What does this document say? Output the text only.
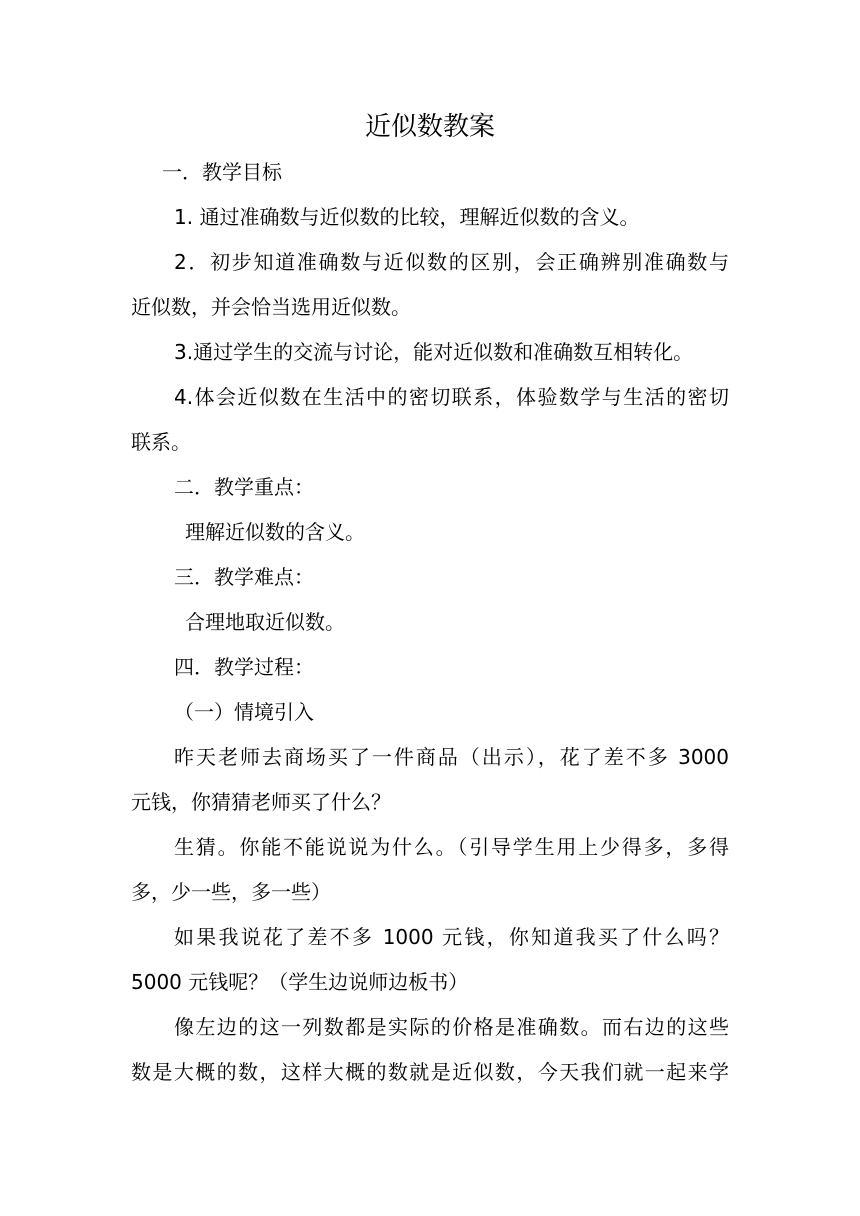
近似数教案
一．教学目标
1. 通过准确数与近似数的比较，理解近似数的含义。
2．初步知道准确数与近似数的区别，会正确辨别准确数与
近似数，并会恰当选用近似数。
3.通过学生的交流与讨论，能对近似数和准确数互相转化。
4.体会近似数在生活中的密切联系，体验数学与生活的密切
联系。
二．教学重点：
理解近似数的含义。
三．教学难点：
合理地取近似数。
四．教学过程：
（一）情境引入
昨天老师去商场买了一件商品（出示），花了差不多 3000
元钱，你猜猜老师买了什么？
生猜。你能不能说说为什么。（引导学生用上少得多，多得
多，少一些，多一些）
如果我说花了差不多 1000 元钱，你知道我买了什么吗？
5000 元钱呢？（学生边说师边板书）
像左边的这一列数都是实际的价格是准确数。而右边的这些
数是大概的数，这样大概的数就是近似数，今天我们就一起来学
